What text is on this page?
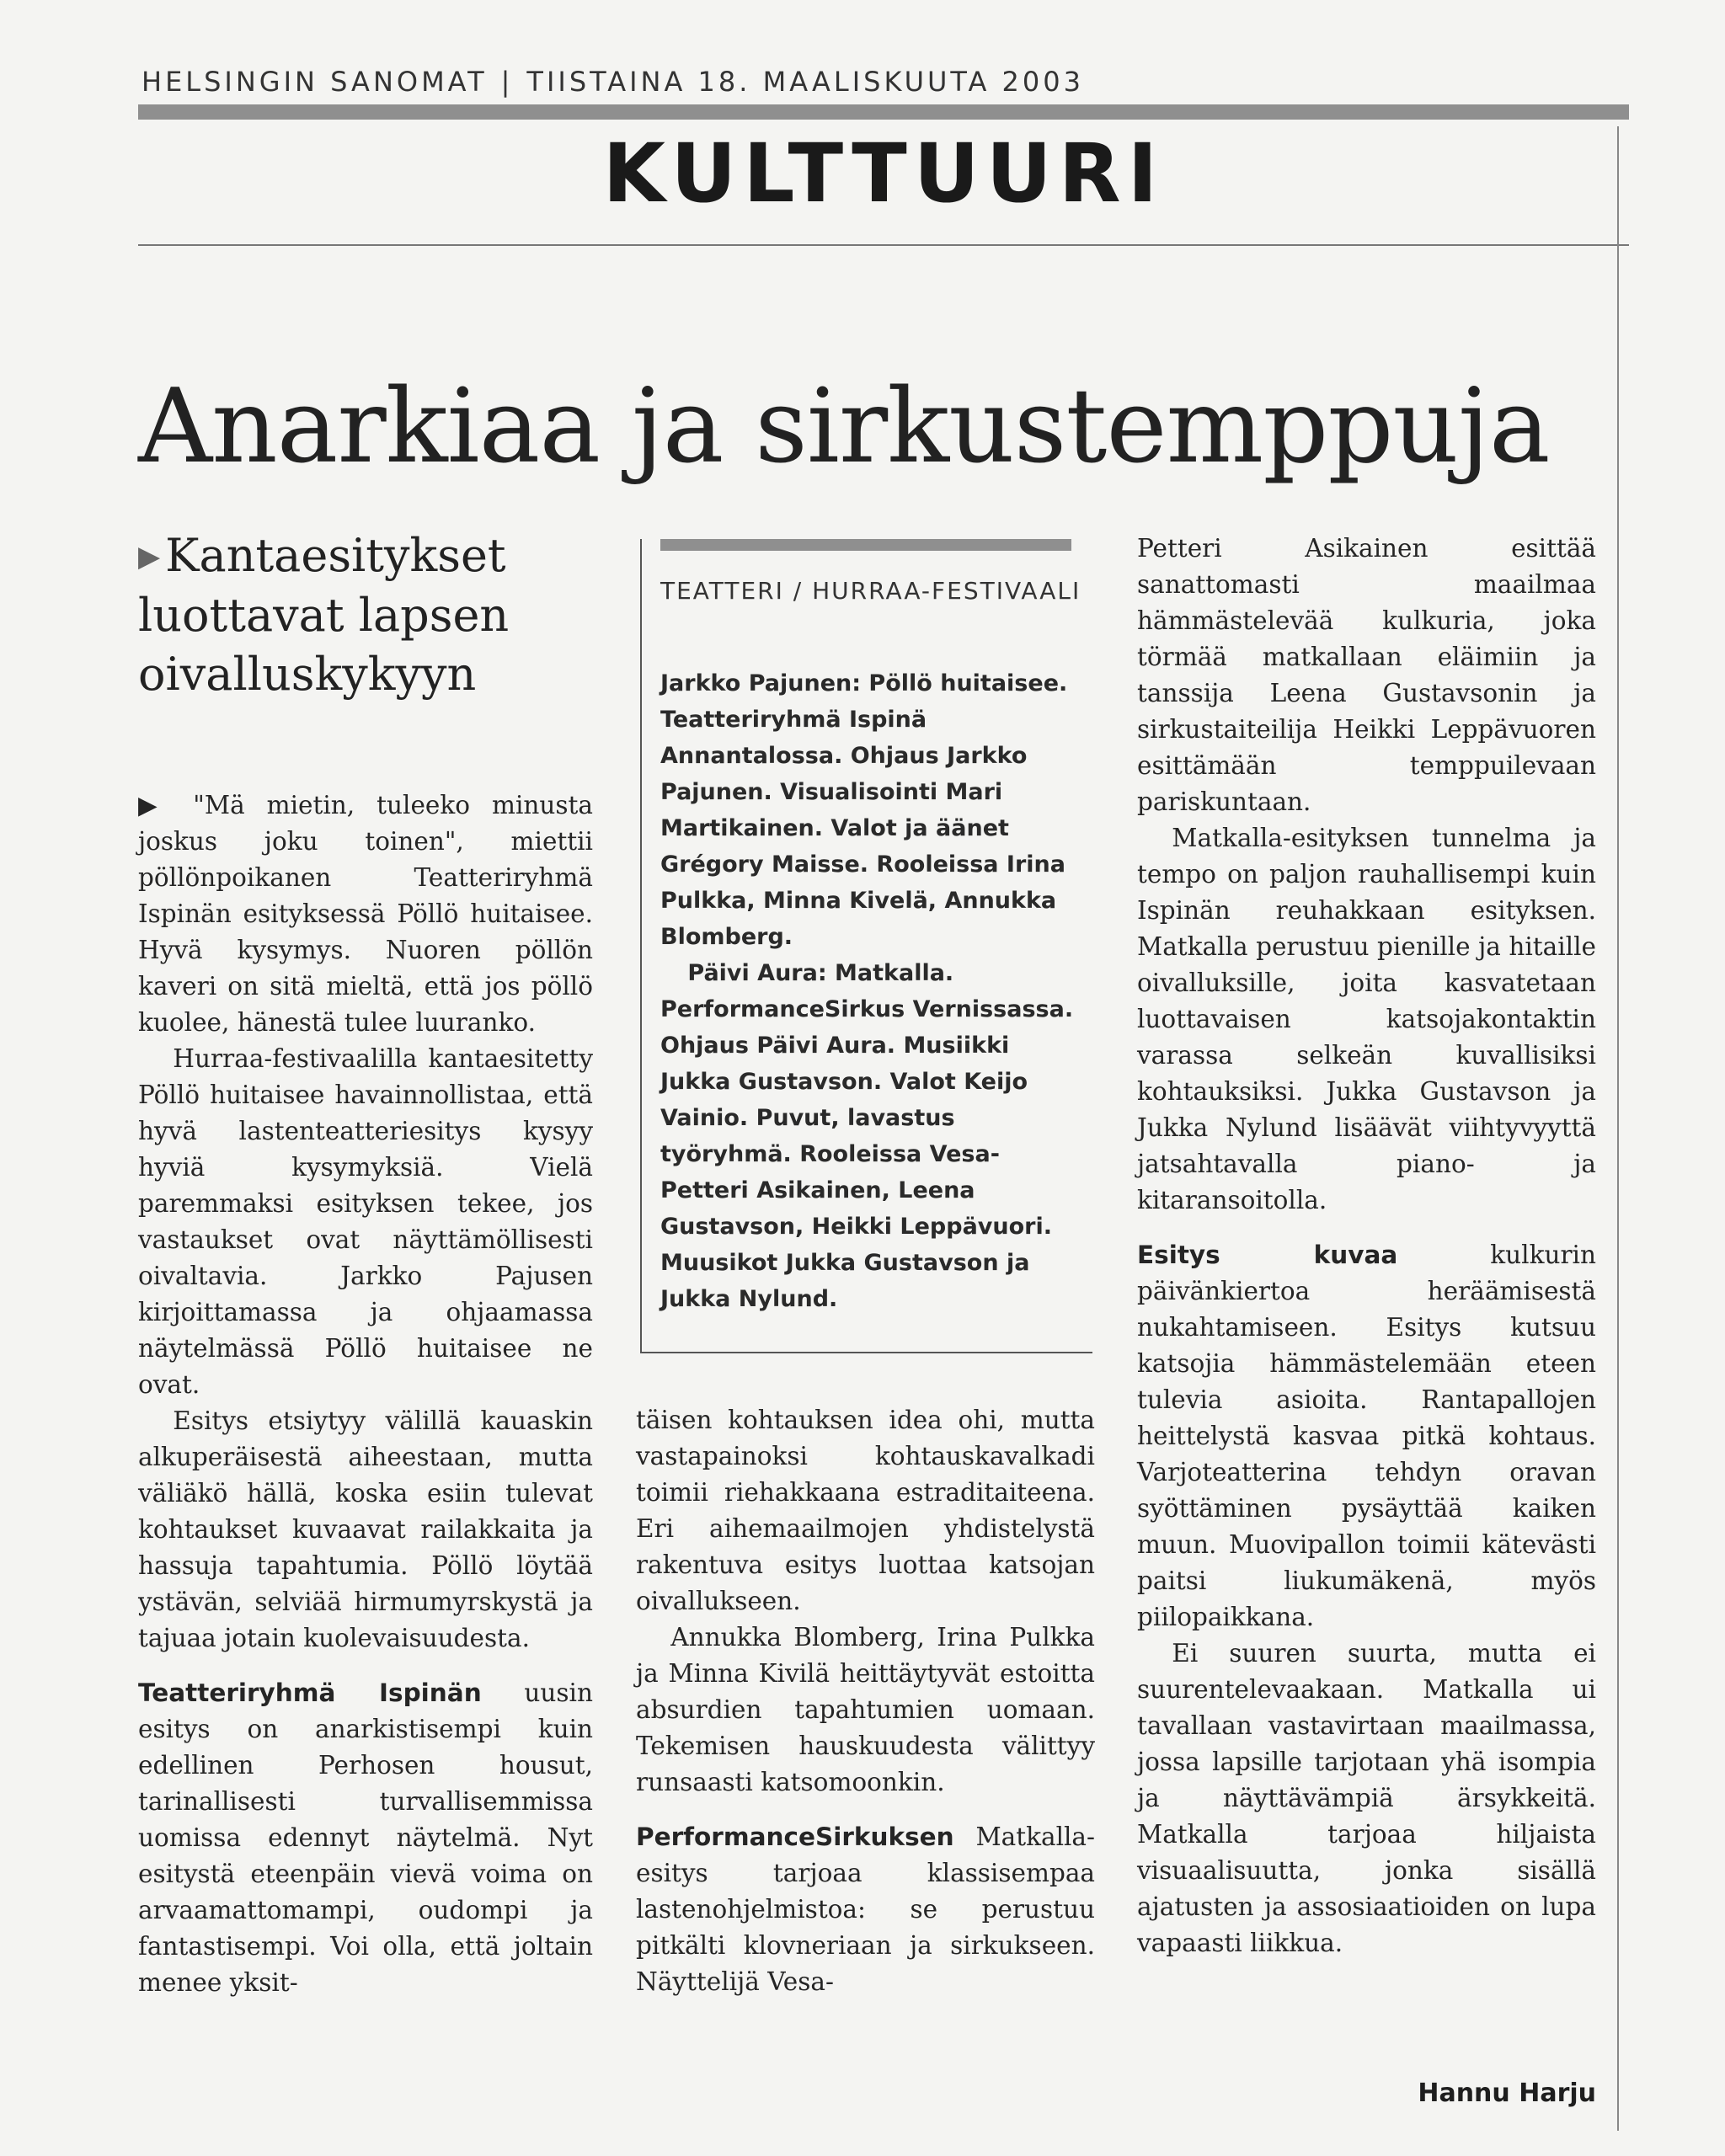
HELSINGIN SANOMAT | TIISTAINA 18. MAALISKUUTA 2003
KULTTUURI
Anarkiaa ja sirkustemppuja
▶ Kantaesitykset luottavat lapsen oivalluskykyyn

▶ "Mä mietin, tuleeko minusta joskus joku toinen", miettii pöllönpoikanen Teatteriryhmä Ispinän esityksessä Pöllö huitaisee. Hyvä kysymys. Nuoren pöllön kaveri on sitä mieltä, että jos pöllö kuolee, hänestä tulee luuranko.

Hurraa-festivaalilla kantaesitetty Pöllö huitaisee havainnollistaa, että hyvä lastenteatteriesitys kysyy hyviä kysymyksiä. Vielä paremmaksi esityksen tekee, jos vastaukset ovat näyttämöllisesti oivaltavia. Jarkko Pajusen kirjoittamassa ja ohjaamassa näytelmässä Pöllö huitaisee ne ovat.

Esitys etsiytyy välillä kauaskin alkuperäisestä aiheestaan, mutta väliäkö hällä, koska esiin tulevat kohtaukset kuvaavat railakkaita ja hassuja tapahtumia. Pöllö löytää ystävän, selviää hirmumyrskystä ja tajuaa jotain kuolevaisuudesta.

Teatteriryhmä Ispinän uusin esitys on anarkistisempi kuin edellinen Perhosen housut, tarinallisesti turvallisemmissa uomissa edennyt näytelmä. Nyt esitystä eteenpäin vievä voima on arvaamattomampi, oudompi ja fantastisempi. Voi olla, että joltain menee yksit-

TEATTERI / HURRAA-FESTIVAALI

Jarkko Pajunen: Pöllö huitaisee. Teatteriryhmä Ispinä Annantalossa. Ohjaus Jarkko Pajunen. Visualisointi Mari Martikainen. Valot ja äänet Grégory Maisse. Rooleissa Irina Pulkka, Minna Kivelä, Annukka Blomberg.

Päivi Aura: Matkalla. PerformanceSirkus Vernissassa. Ohjaus Päivi Aura. Musiikki Jukka Gustavson. Valot Keijo Vainio. Puvut, lavastus työryhmä. Rooleissa Vesa-Petteri Asikainen, Leena Gustavson, Heikki Leppävuori. Muusikot Jukka Gustavson ja Jukka Nylund.

täisen kohtauksen idea ohi, mutta vastapainoksi kohtauskavalkadi toimii riehakkaana estraditaiteena. Eri aihemaailmojen yhdistelystä rakentuva esitys luottaa katsojan oivallukseen.

Annukka Blomberg, Irina Pulkka ja Minna Kivilä heittäytyvät estoitta absurdien tapahtumien uomaan. Tekemisen hauskuudesta välittyy runsaasti katsomoonkin.

PerformanceSirkuksen Matkalla-esitys tarjoaa klassisempaa lastenohjelmistoa: se perustuu pitkälti klovneriaan ja sirkukseen. Näyttelijä Vesa-

Petteri Asikainen esittää sanattomasti maailmaa hämmästelevää kulkuria, joka törmää matkallaan eläimiin ja tanssija Leena Gustavsonin ja sirkustaiteilija Heikki Leppävuoren esittämään temppuilevaan pariskuntaan.

Matkalla-esityksen tunnelma ja tempo on paljon rauhallisempi kuin Ispinän reuhakkaan esityksen. Matkalla perustuu pienille ja hitaille oivalluksille, joita kasvatetaan luottavaisen katsojakontaktin varassa selkeän kuvallisiksi kohtauksiksi. Jukka Gustavson ja Jukka Nylund lisäävät viihtyvyyttä jatsahtavalla piano- ja kitaransoitolla.

Esitys kuvaa kulkurin päivänkiertoa heräämisestä nukahtamiseen. Esitys kutsuu katsojia hämmästelemään eteen tulevia asioita. Rantapallojen heittelystä kasvaa pitkä kohtaus. Varjoteatterina tehdyn oravan syöttäminen pysäyttää kaiken muun. Muovipallon toimii kätevästi paitsi liukumäkenä, myös piilopaikkana.

Ei suuren suurta, mutta ei suurentelevaakaan. Matkalla ui tavallaan vastavirtaan maailmassa, jossa lapsille tarjotaan yhä isompia ja näyttävämpiä ärsykkeitä. Matkalla tarjoaa hiljaista visuaalisuutta, jonka sisällä ajatusten ja assosiaatioiden on lupa vapaasti liikkua.

Hannu Harju
